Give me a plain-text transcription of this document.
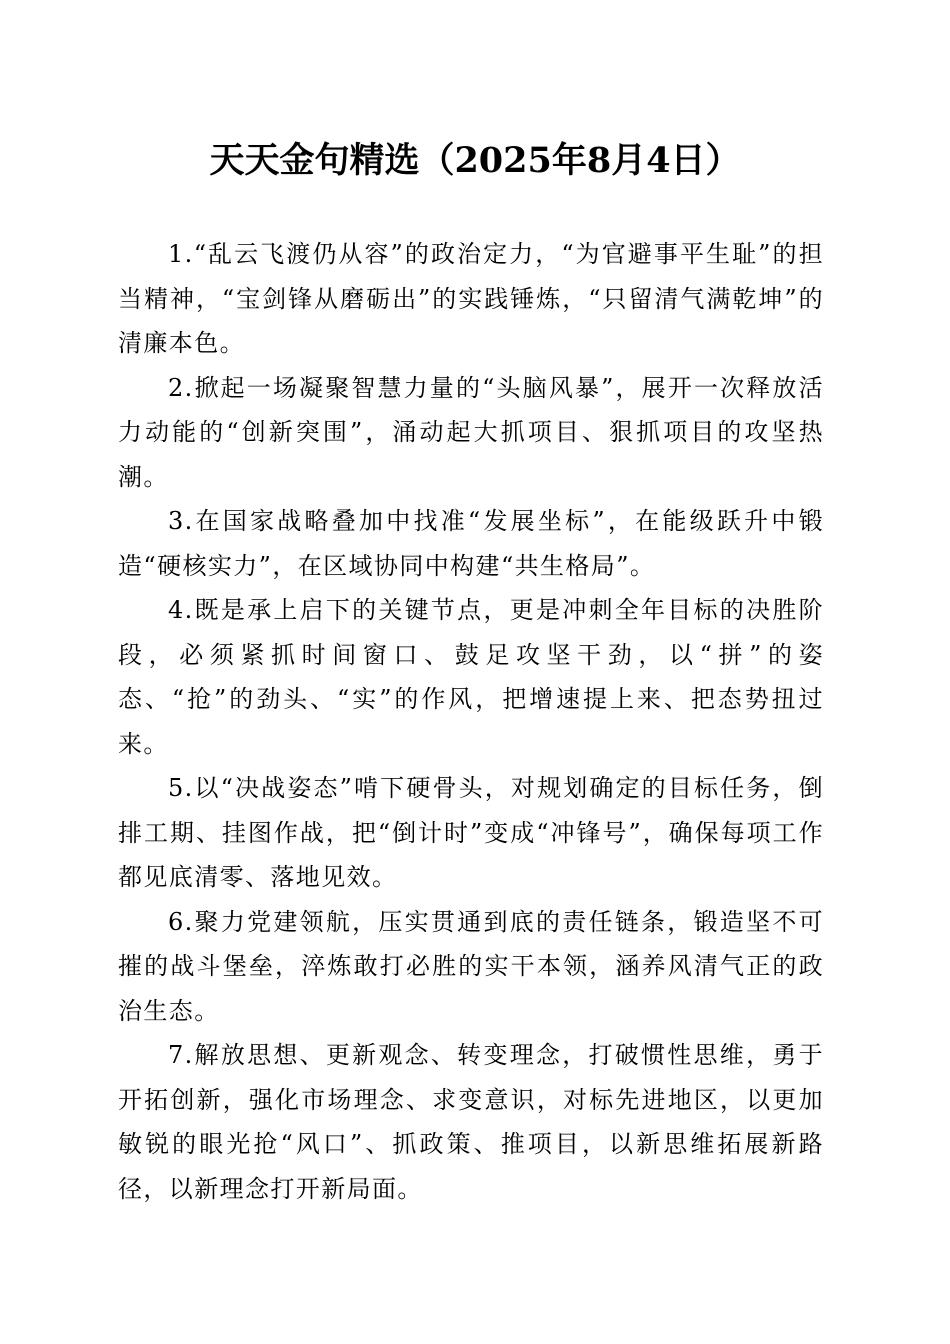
天天金句精选（2025年8月4日）

1.“乱云飞渡仍从容”的政治定力，“为官避事平生耻”的担当精神，“宝剑锋从磨砺出”的实践锤炼，“只留清气满乾坤”的清廉本色。

2.掀起一场凝聚智慧力量的“头脑风暴”，展开一次释放活力动能的“创新突围”，涌动起大抓项目、狠抓项目的攻坚热潮。

3.在国家战略叠加中找准“发展坐标”，在能级跃升中锻造“硬核实力”，在区域协同中构建“共生格局”。

4.既是承上启下的关键节点，更是冲刺全年目标的决胜阶段，必须紧抓时间窗口、鼓足攻坚干劲，以“拼”的姿态、“抢”的劲头、“实”的作风，把增速提上来、把态势扭过来。

5.以“决战姿态”啃下硬骨头，对规划确定的目标任务，倒排工期、挂图作战，把“倒计时”变成“冲锋号”，确保每项工作都见底清零、落地见效。

6.聚力党建领航，压实贯通到底的责任链条，锻造坚不可摧的战斗堡垒，淬炼敢打必胜的实干本领，涵养风清气正的政治生态。

7.解放思想、更新观念、转变理念，打破惯性思维，勇于开拓创新，强化市场理念、求变意识，对标先进地区，以更加敏锐的眼光抢“风口”、抓政策、推项目，以新思维拓展新路径，以新理念打开新局面。
